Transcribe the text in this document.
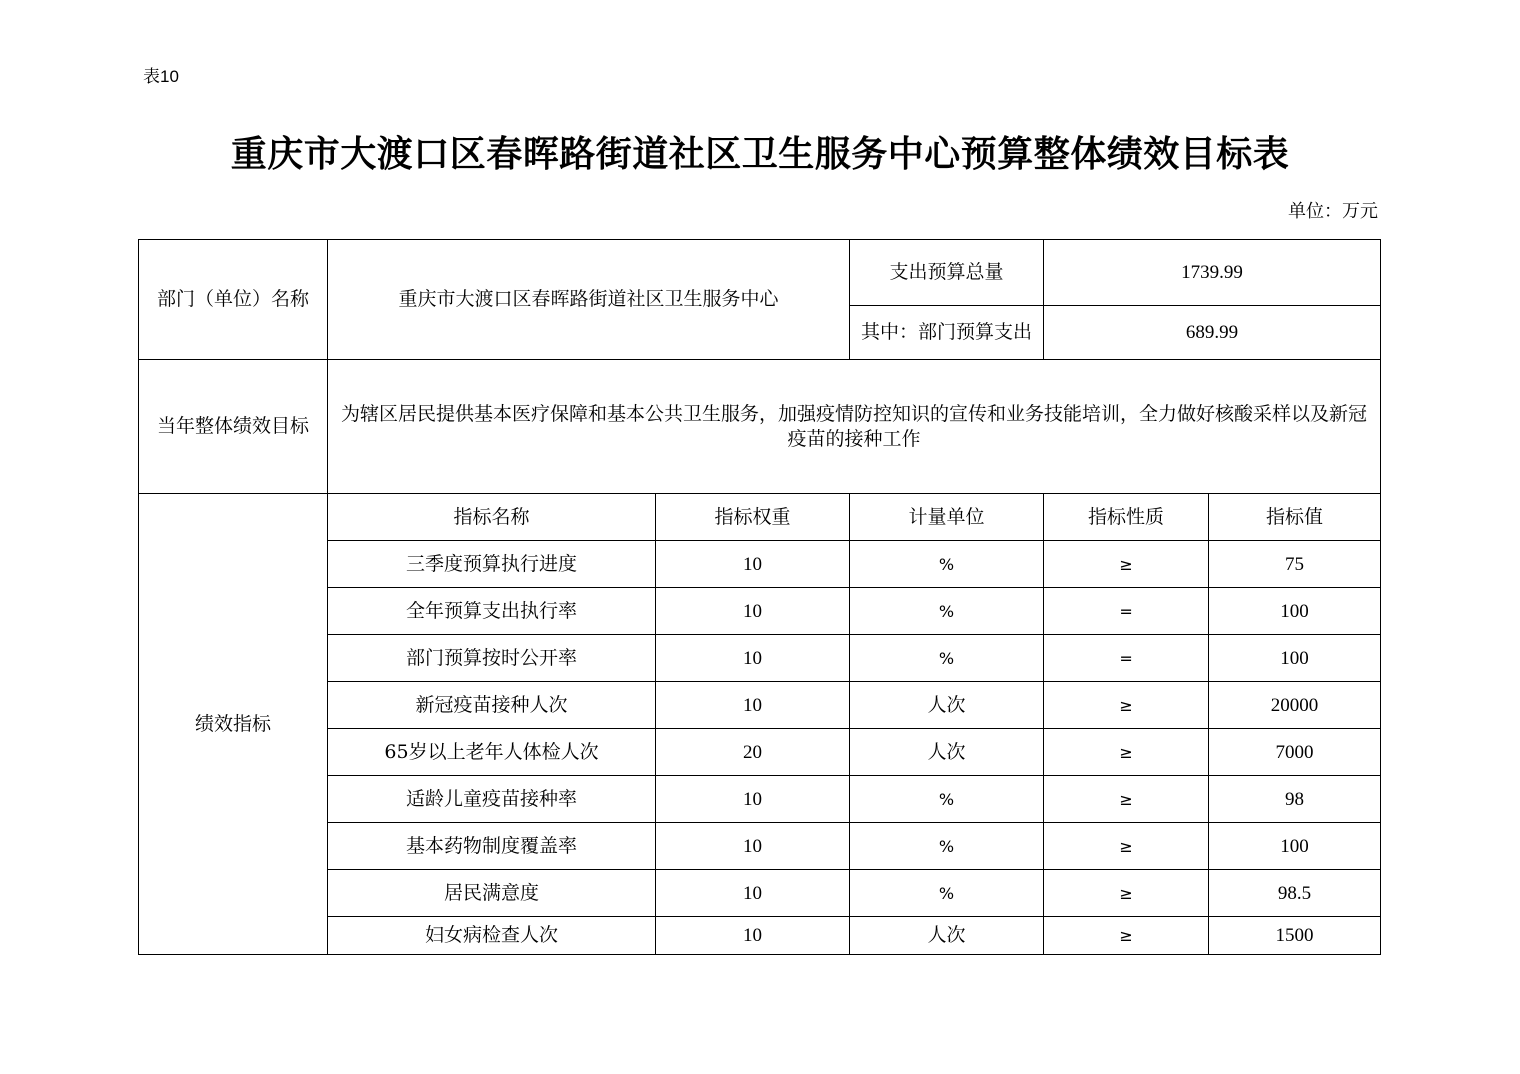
表10
重庆市大渡口区春晖路街道社区卫生服务中心预算整体绩效目标表
单位：万元
部门（单位）名称	重庆市大渡口区春晖路街道社区卫生服务中心		支出预算总量	1739.99	
			其中：部门预算支出	689.99	
当年整体绩效目标	为辖区居民提供基本医疗保障和基本公共卫生服务，加强疫情防控知识的宣传和业务技能培训，全力做好核酸采样以及新冠疫苗的接种工作				
绩效指标	指标名称	指标权重	计量单位	指标性质	指标值
	三季度预算执行进度	10	%	≥	75
	全年预算支出执行率	10	%	=	100
	部门预算按时公开率	10	%	=	100
	新冠疫苗接种人次	10	人次	≥	20000
	65岁以上老年人体检人次	20	人次	≥	7000
	适龄儿童疫苗接种率	10	%	≥	98
	基本药物制度覆盖率	10	%	≥	100
	居民满意度	10	%	≥	98.5
	妇女病检查人次	10	人次	≥	1500
